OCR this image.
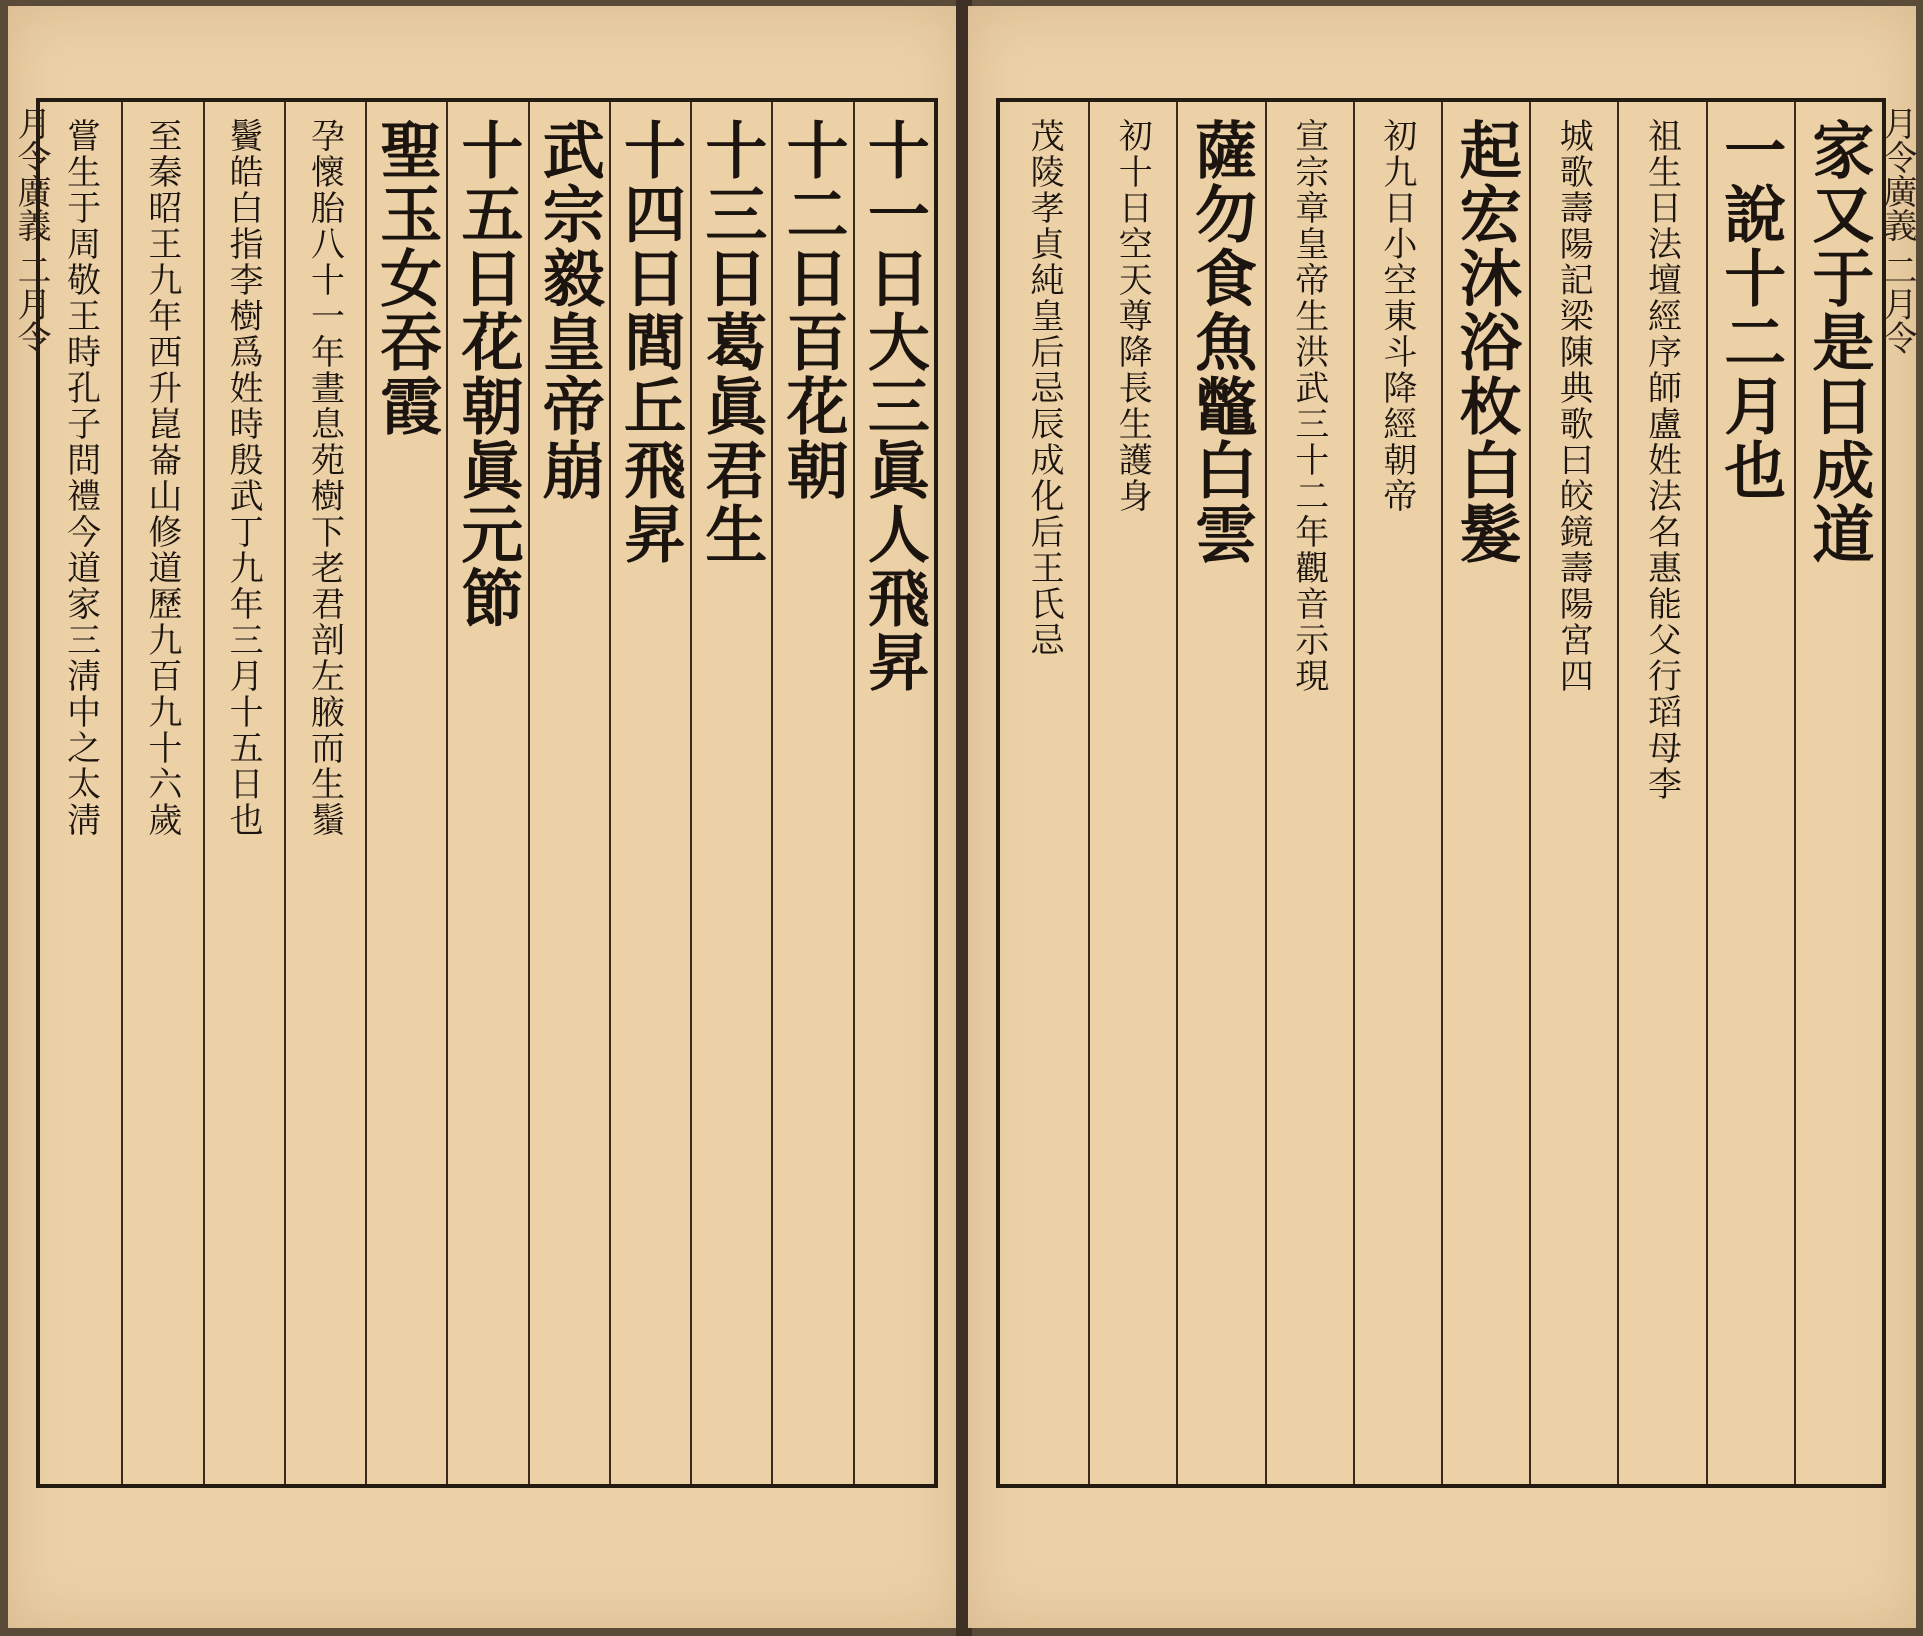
十一日大三眞人飛昇
十二日百花朝
十三日葛眞君生
十四日閭丘飛昇
武宗毅皇帝崩
十五日花朝眞元節
聖玉女吞霞
孕懷胎八十一年晝息苑樹下老君剖左腋而生鬚
鬢皓白指李樹爲姓時殷武丁九年三月十五日也
至秦昭王九年西升崑崙山修道歷九百九十六歲
嘗生于周敬王時孔子問禮今道家三淸中之太淸
月令廣義 二月令	家又于是日成道
一說十二月也
祖生日法壇經序師盧姓法名惠能父行瑫母李
城歌壽陽記梁陳典歌曰皎鏡壽陽宮四
起宏沐浴枚白髮
初九日小空東斗降經朝帝
宣宗章皇帝生洪武三十二年觀音示現
薩勿食魚鼈白雲
初十日空天尊降長生護身
茂陵孝貞純皇后忌辰成化后王氏忌	月令廣義 二月令
